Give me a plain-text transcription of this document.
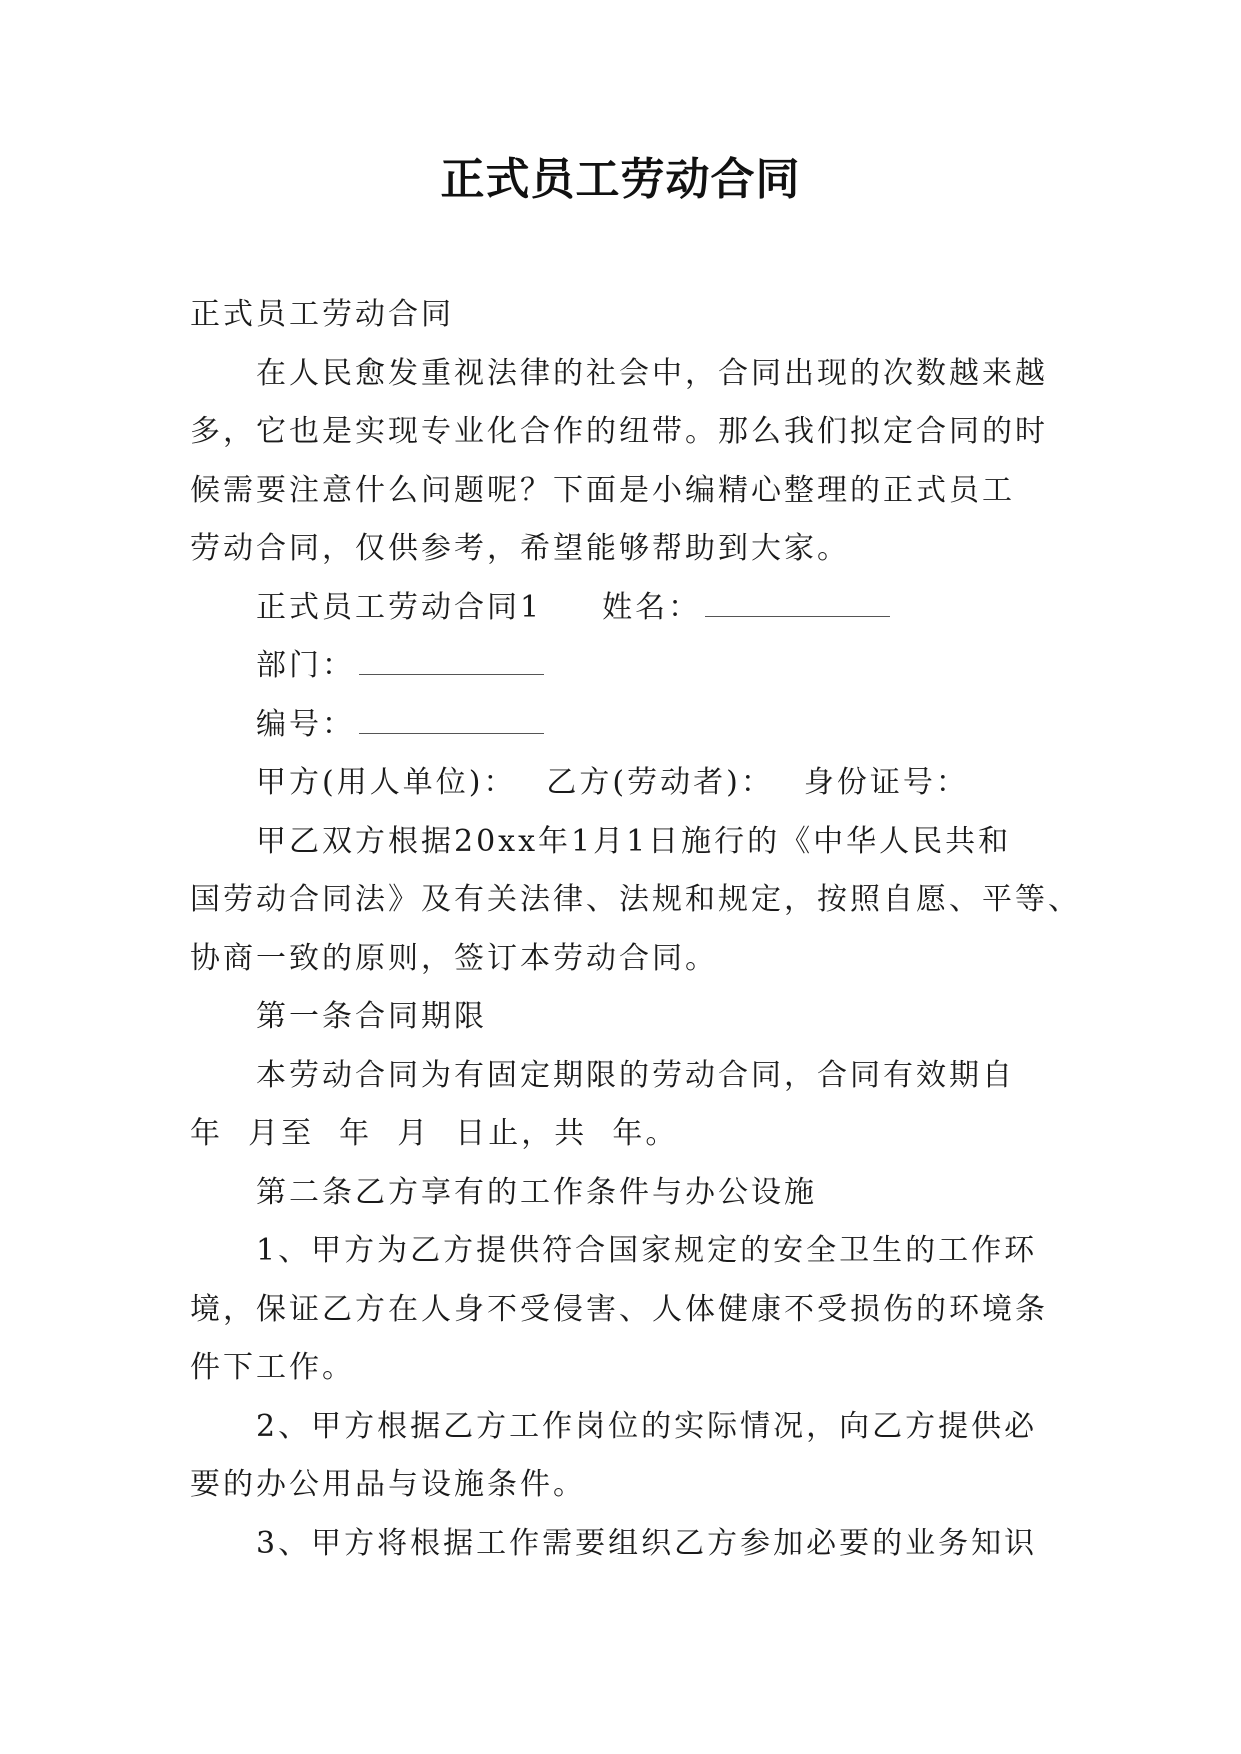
正式员工劳动合同
正式员工劳动合同
在人民愈发重视法律的社会中，合同出现的次数越来越
多，它也是实现专业化合作的纽带。那么我们拟定合同的时
候需要注意什么问题呢？下面是小编精心整理的正式员工
劳动合同，仅供参考，希望能够帮助到大家。
正式员工劳动合同1 姓名：
部门：
编号：
甲方(用人单位)： 乙方(劳动者)： 身份证号：
甲乙双方根据20xx年1月1日施行的《中华人民共和
国劳动合同法》及有关法律、法规和规定，按照自愿、平等、
协商一致的原则，签订本劳动合同。
第一条合同期限
本劳动合同为有固定期限的劳动合同，合同有效期自
年  月至  年  月  日止，共  年。
第二条乙方享有的工作条件与办公设施
1、甲方为乙方提供符合国家规定的安全卫生的工作环
境，保证乙方在人身不受侵害、人体健康不受损伤的环境条
件下工作。
2、甲方根据乙方工作岗位的实际情况，向乙方提供必
要的办公用品与设施条件。
3、甲方将根据工作需要组织乙方参加必要的业务知识
